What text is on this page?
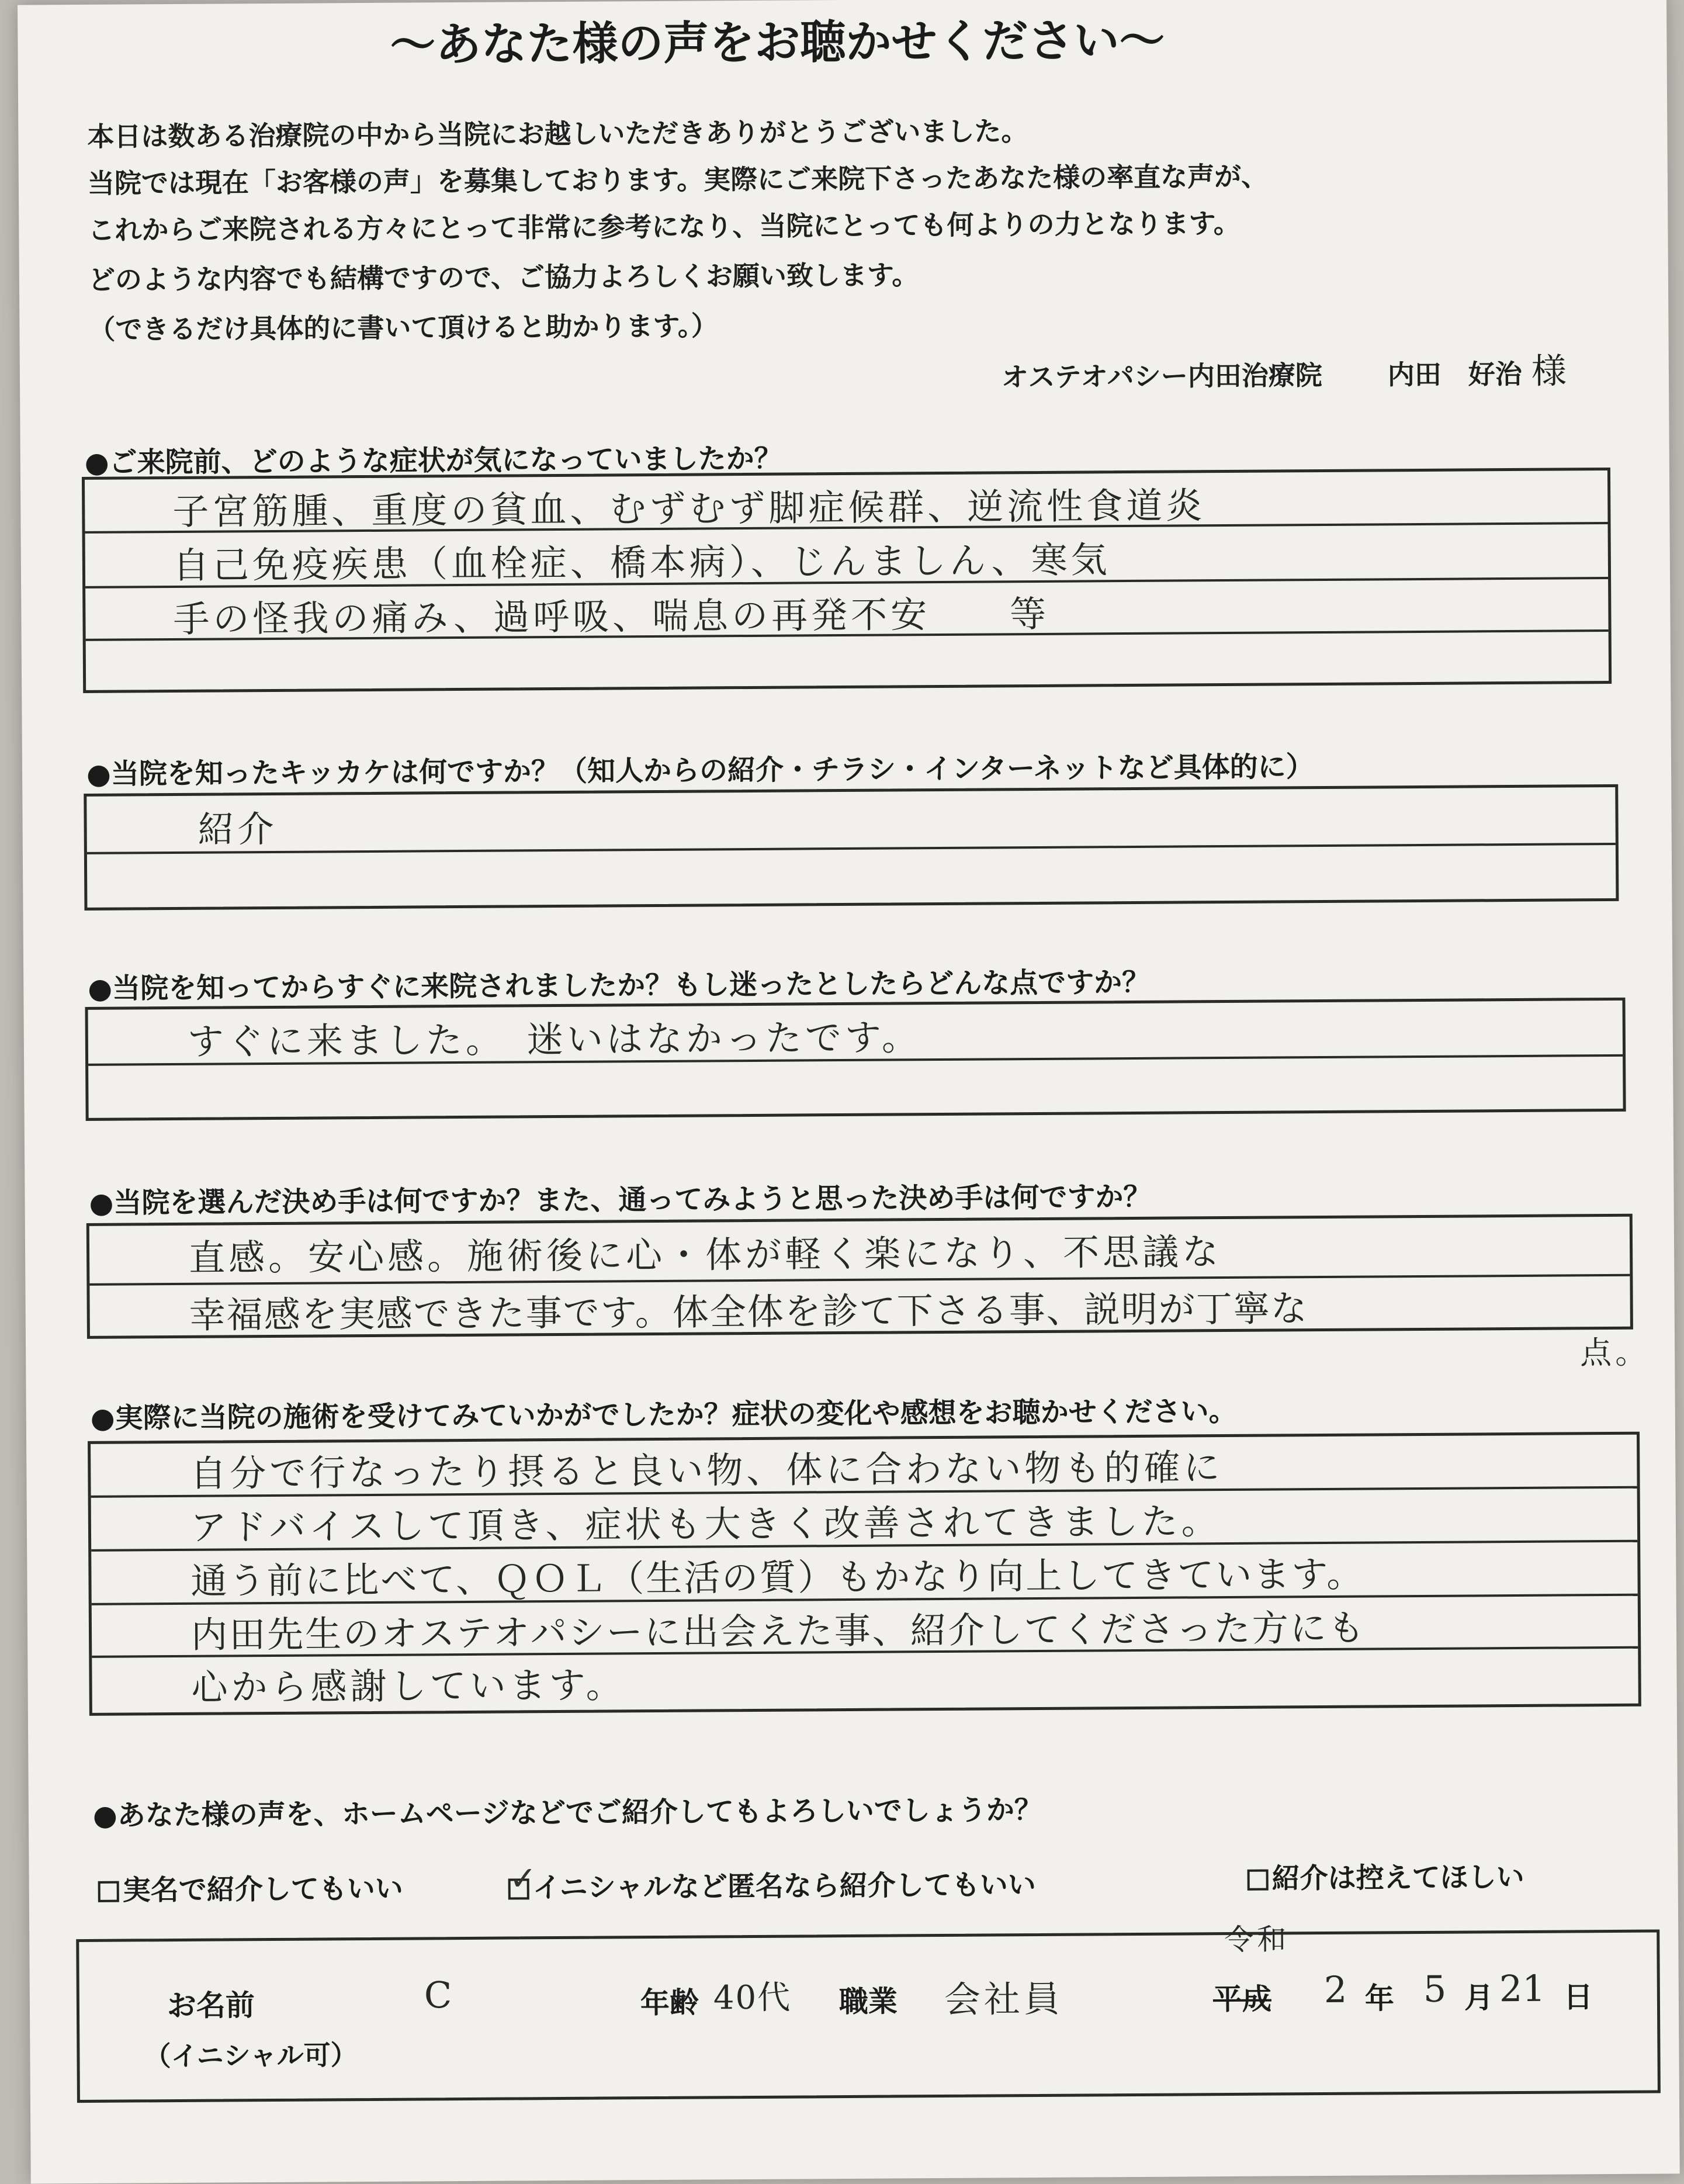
〜あなた様の声をお聴かせください〜
本日は数ある治療院の中から当院にお越しいただきありがとうございました。
当院では現在「お客様の声」を募集しております。実際にご来院下さったあなた様の率直な声が、
これからご来院される方々にとって非常に参考になり、当院にとっても何よりの力となります。
どのような内容でも結構ですので、ご協力よろしくお願い致します。
（できるだけ具体的に書いて頂けると助かります。）
オステオパシー内田治療院 内田　好治 様
●ご来院前、どのような症状が気になっていましたか？
子宮筋腫、重度の貧血、むずむず脚症候群、逆流性食道炎
自己免疫疾患（血栓症、橋本病）、じんましん、寒気
手の怪我の痛み、過呼吸、喘息の再発不安　　等
●当院を知ったキッカケは何ですか？（知人からの紹介・チラシ・インターネットなど具体的に）
紹介
●当院を知ってからすぐに来院されましたか？もし迷ったとしたらどんな点ですか？
すぐに来ました。　迷いはなかったです。
●当院を選んだ決め手は何ですか？また、通ってみようと思った決め手は何ですか？
直感。安心感。施術後に心・体が軽く楽になり、不思議な
幸福感を実感できた事です。体全体を診て下さる事、説明が丁寧な
点。
●実際に当院の施術を受けてみていかがでしたか？症状の変化や感想をお聴かせください。
自分で行なったり摂ると良い物、体に合わない物も的確に
アドバイスして頂き、症状も大きく改善されてきました。
通う前に比べて、ＱＯＬ（生活の質）もかなり向上してきています。
内田先生のオステオパシーに出会えた事、紹介してくださった方にも
心から感謝しています。
●あなた様の声を、ホームページなどでご紹介してもよろしいでしょうか？
実名で紹介してもいい	✓
イニシャルなど匿名なら紹介してもいい	紹介は控えてほしい
お名前
（イニシャル可）
C	年齢 40代 職業 会社員
令和
平成 2 年 5 月 21 日
